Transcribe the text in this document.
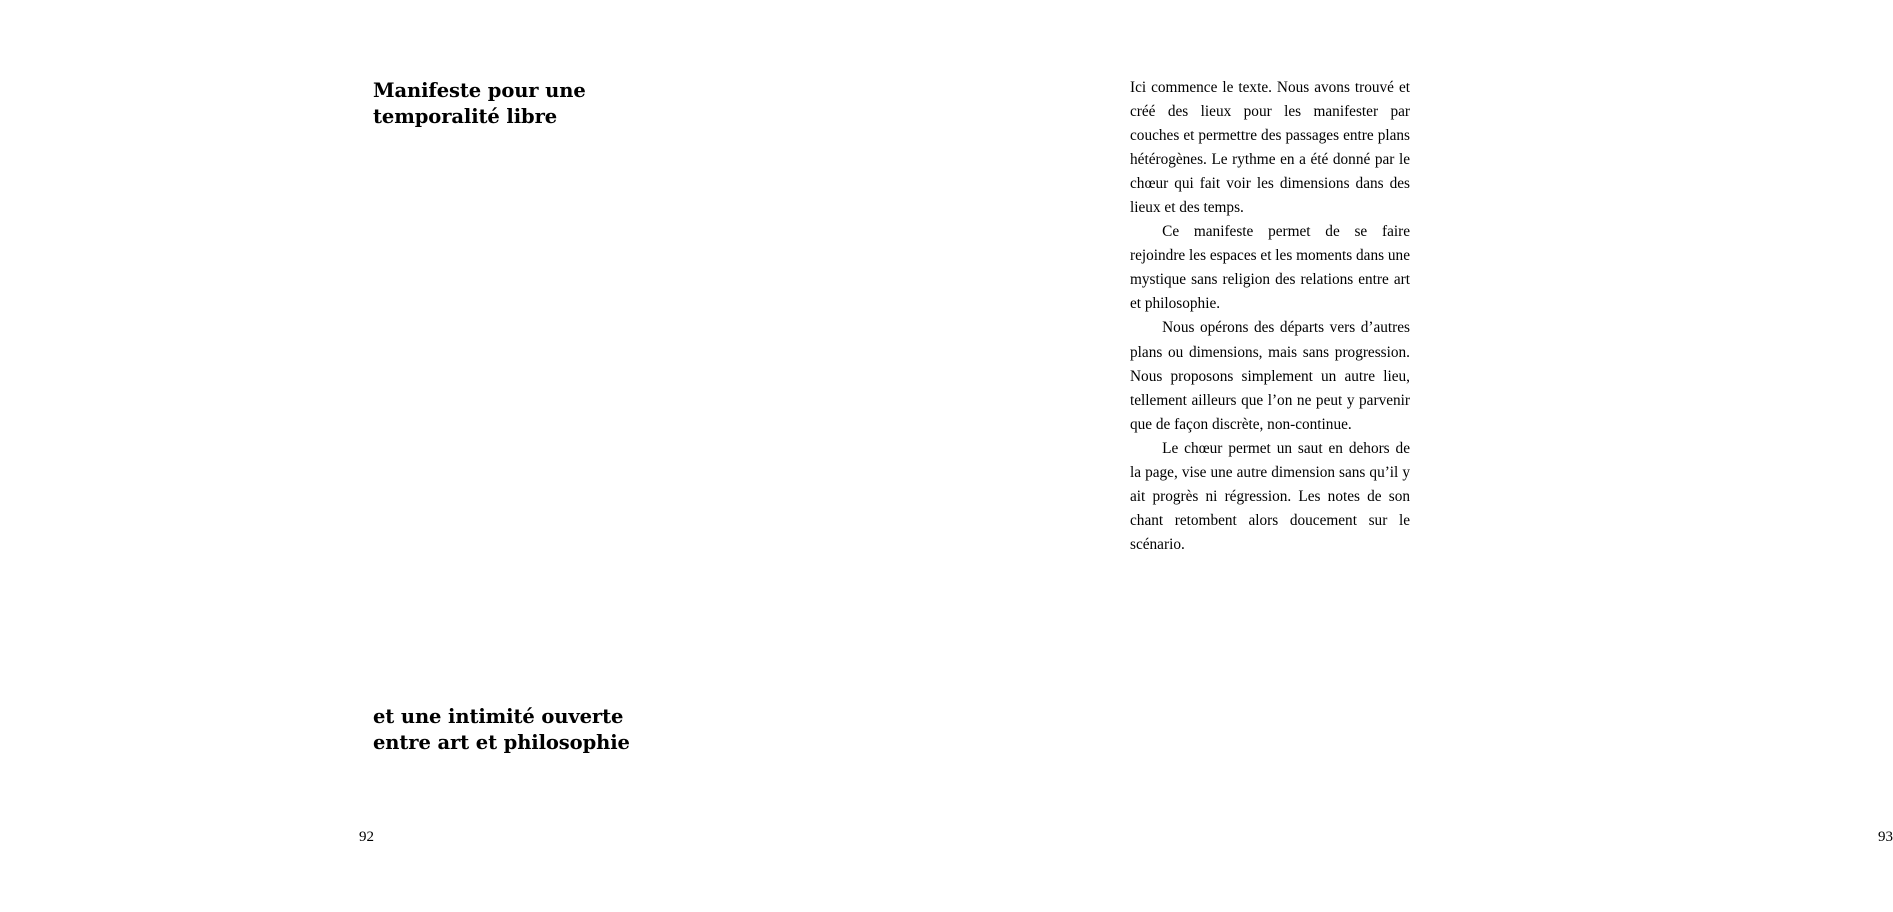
Manifeste pour une
temporalité libre
et une intimité ouverte
entre art et philosophie
92

Ici commence le texte. Nous avons trouvé et créé des lieux pour les manifester par couches et permettre des passages entre plans hétérogènes. Le rythme en a été donné par le chœur qui fait voir les dimensions dans des lieux et des temps.

Ce manifeste permet de se faire rejoindre les espaces et les moments dans une mystique sans religion des relations entre art et philosophie.

Nous opérons des départs vers d’autres plans ou dimensions, mais sans progression. Nous proposons simplement un autre lieu, tellement ailleurs que l’on ne peut y parvenir que de façon discrète, non-continue.

Le chœur permet un saut en dehors de la page, vise une autre dimension sans qu’il y ait progrès ni régression. Les notes de son chant retombent alors doucement sur le scénario.

93
